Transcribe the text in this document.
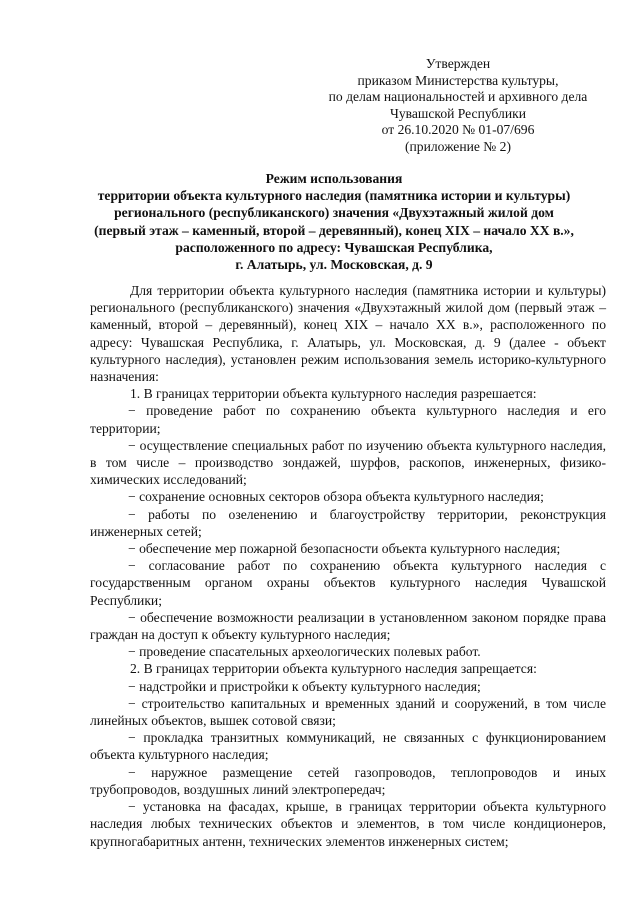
Утвержден
приказом Министерства культуры,
по делам национальностей и архивного дела
Чувашской Республики
от 26.10.2020 № 01-07/696
(приложение № 2)
Режим использования
территории объекта культурного наследия (памятника истории и культуры)
регионального (республиканского) значения «Двухэтажный жилой дом
(первый этаж – каменный, второй – деревянный), конец XIX – начало XX в.»,
расположенного по адресу: Чувашская Республика,
г. Алатырь, ул. Московская, д. 9

Для территории объекта культурного наследия (памятника истории и культуры) регионального (республиканского) значения «Двухэтажный жилой дом (первый этаж – каменный, второй – деревянный), конец XIX – начало XX в.», расположенного по адресу: Чувашская Республика, г. Алатырь, ул. Московская, д. 9 (далее - объект культурного наследия), установлен режим использования земель историко-культурного назначения:

1. В границах территории объекта культурного наследия разрешается:

− проведение работ по сохранению объекта культурного наследия и его территории;

− осуществление специальных работ по изучению объекта культурного наследия, в том числе – производство зондажей, шурфов, раскопов, инженерных, физико-химических исследований;

− сохранение основных секторов обзора объекта культурного наследия;

− работы по озеленению и благоустройству территории, реконструкция инженерных сетей;

− обеспечение мер пожарной безопасности объекта культурного наследия;

− согласование работ по сохранению объекта культурного наследия с государственным органом охраны объектов культурного наследия Чувашской Республики;

− обеспечение возможности реализации в установленном законом порядке права граждан на доступ к объекту культурного наследия;

− проведение спасательных археологических полевых работ.

2. В границах территории объекта культурного наследия запрещается:

− надстройки и пристройки к объекту культурного наследия;

− строительство капитальных и временных зданий и сооружений, в том числе линейных объектов, вышек сотовой связи;

− прокладка транзитных коммуникаций, не связанных с функционированием объекта культурного наследия;

− наружное размещение сетей газопроводов, теплопроводов и иных трубопроводов, воздушных линий электропередач;

− установка на фасадах, крыше, в границах территории объекта культурного наследия любых технических объектов и элементов, в том числе кондиционеров, крупногабаритных антенн, технических элементов инженерных систем;
